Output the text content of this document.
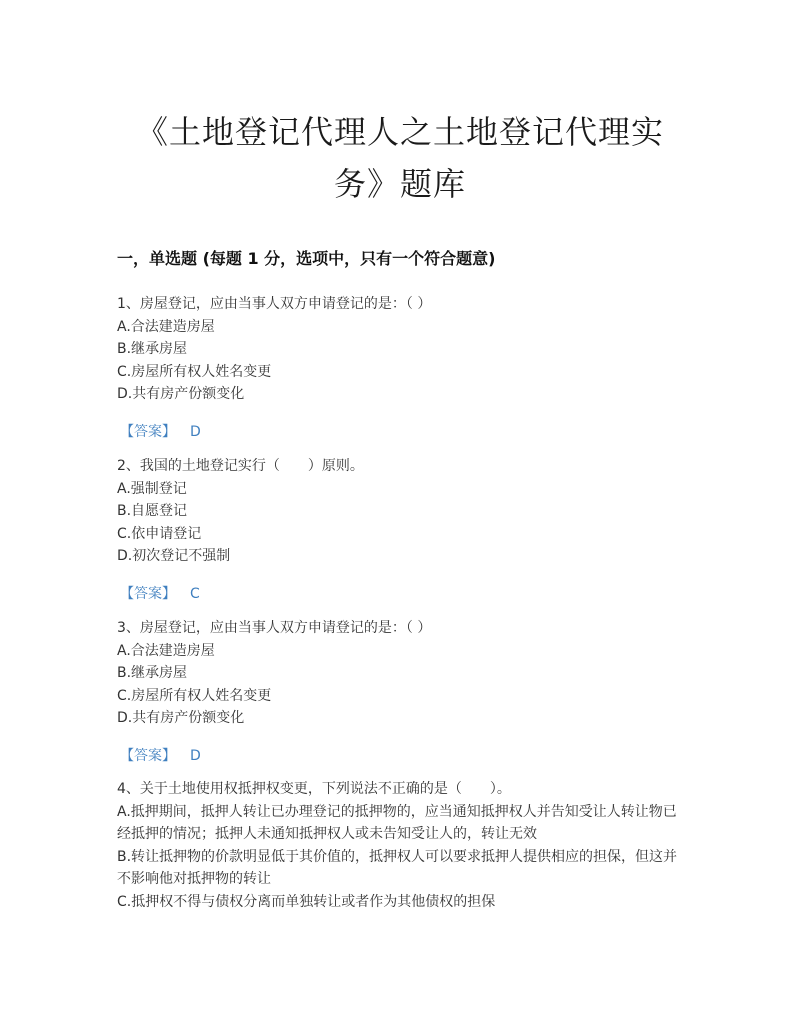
《土地登记代理人之土地登记代理实务》题库
一，单选题 (每题 1 分，选项中，只有一个符合题意)

1、房屋登记，应由当事人双方申请登记的是：（ ）

A.合法建造房屋

B.继承房屋

C.房屋所有权人姓名变更

D.共有房产份额变化

【答案】 D

2、我国的土地登记实行（　　）原则。

A.强制登记

B.自愿登记

C.依申请登记

D.初次登记不强制

【答案】 C

3、房屋登记，应由当事人双方申请登记的是：（ ）

A.合法建造房屋

B.继承房屋

C.房屋所有权人姓名变更

D.共有房产份额变化

【答案】 D

4、关于土地使用权抵押权变更，下列说法不正确的是（　　）。

A.抵押期间，抵押人转让已办理登记的抵押物的，应当通知抵押权人并告知受让人转让物已经抵押的情况；抵押人未通知抵押权人或未告知受让人的，转让无效

B.转让抵押物的价款明显低于其价值的，抵押权人可以要求抵押人提供相应的担保，但这并不影响他对抵押物的转让

C.抵押权不得与债权分离而单独转让或者作为其他债权的担保
